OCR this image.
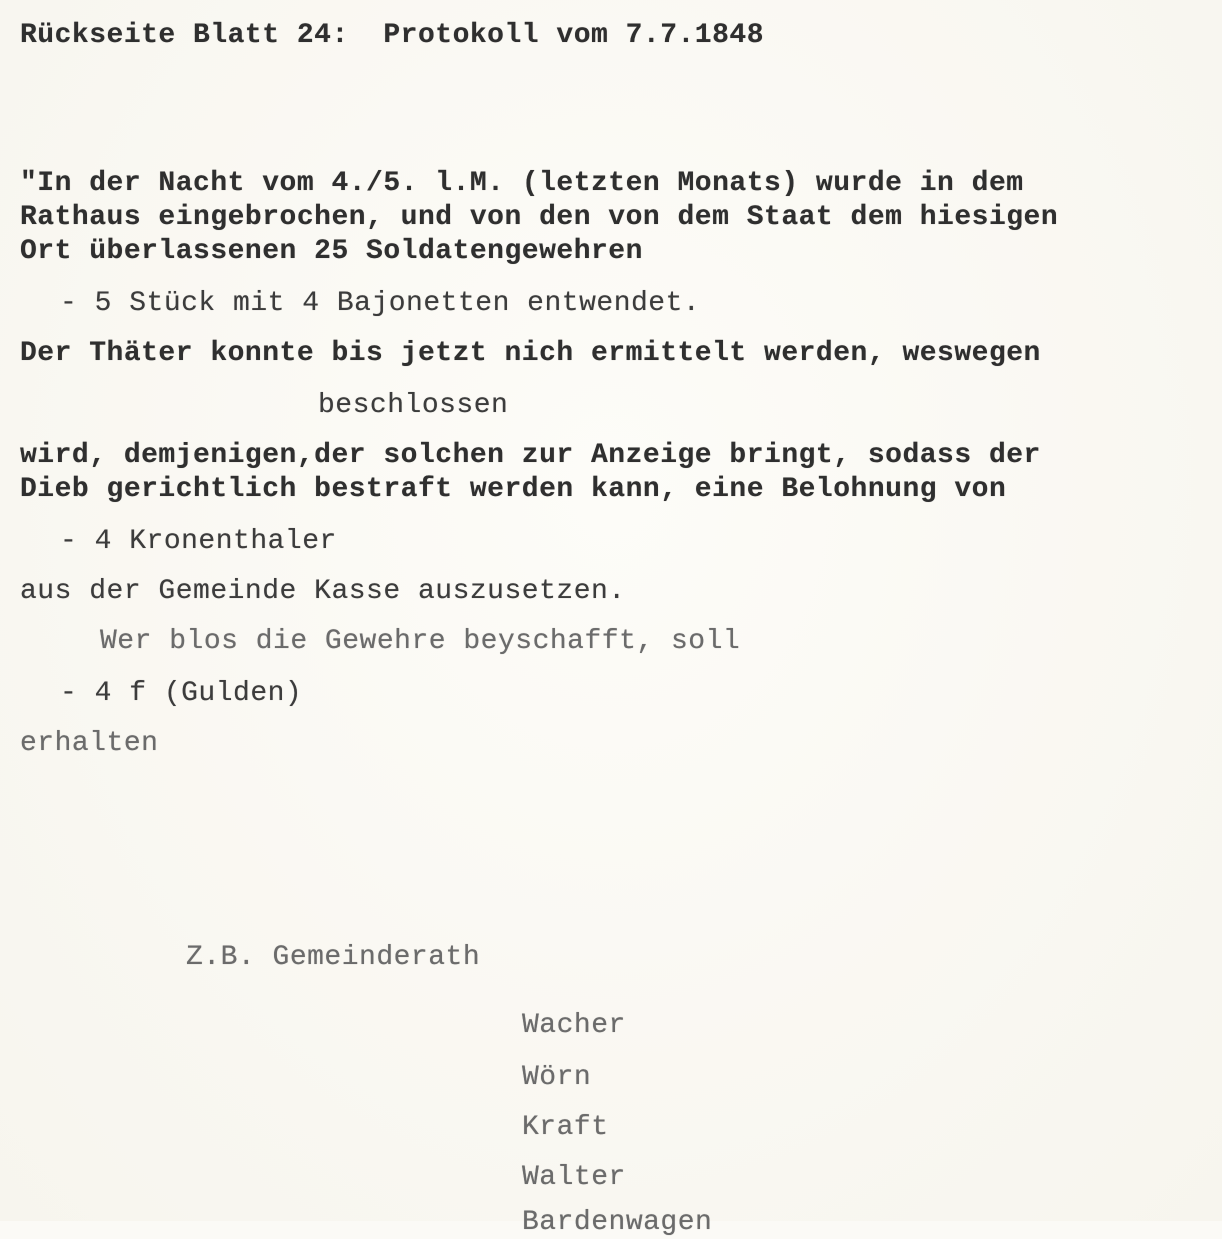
Rückseite Blatt 24:  Protokoll vom 7.7.1848
"In der Nacht vom 4./5. l.M. (letzten Monats) wurde in dem
Rathaus eingebrochen, und von den von dem Staat dem hiesigen
Ort überlassenen 25 Soldatengewehren
- 5 Stück mit 4 Bajonetten entwendet.
Der Thäter konnte bis jetzt nich ermittelt werden, weswegen
beschlossen
wird, demjenigen,der solchen zur Anzeige bringt, sodass der
Dieb gerichtlich bestraft werden kann, eine Belohnung von
- 4 Kronenthaler
aus der Gemeinde Kasse auszusetzen.
Wer blos die Gewehre beyschafft, soll
- 4 f (Gulden)
erhalten
Z.B. Gemeinderath
Wacher
Wörn
Kraft
Walter
Bardenwagen
